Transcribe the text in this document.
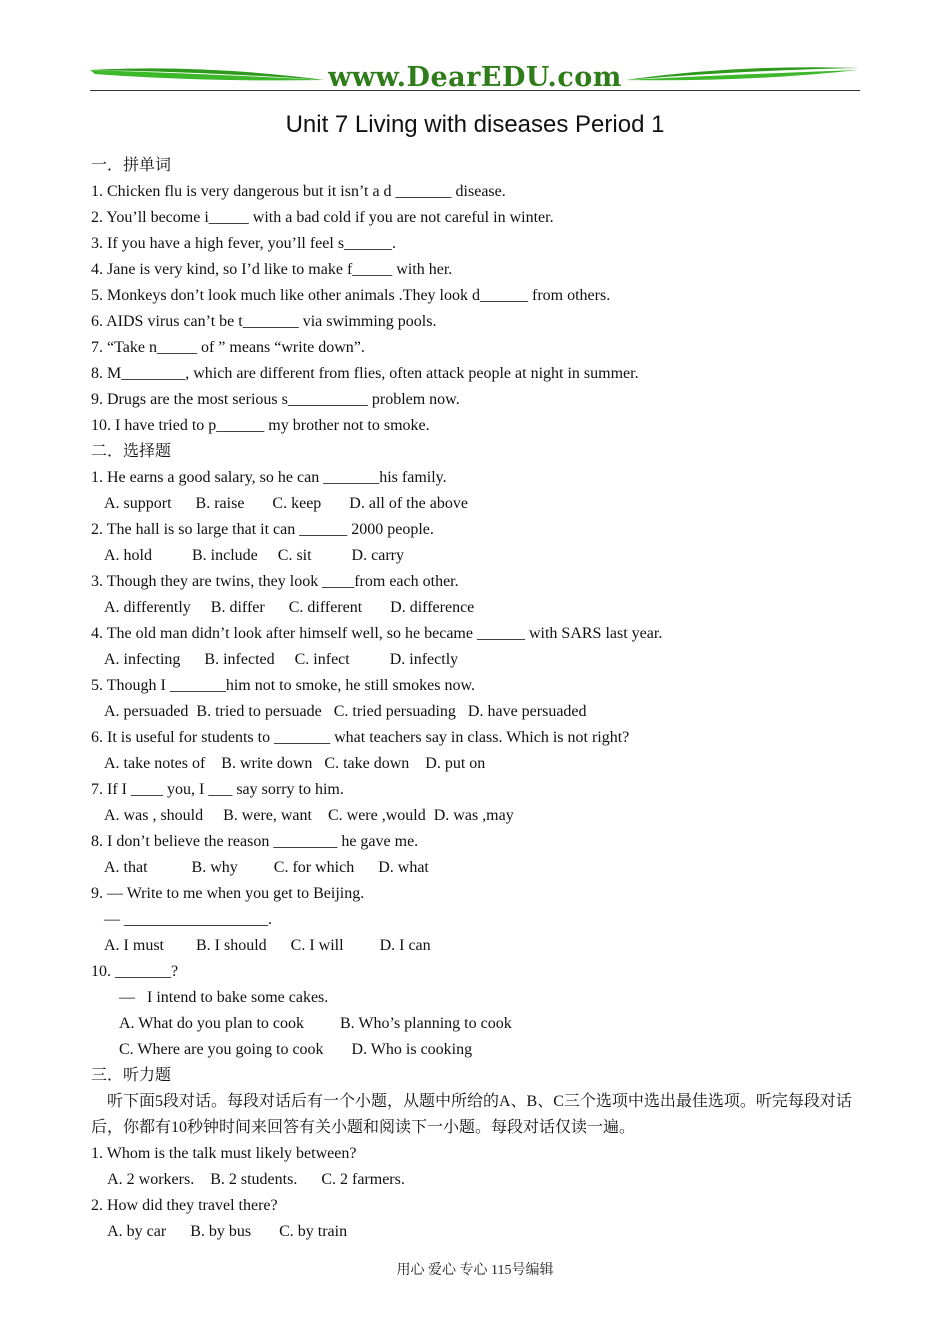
www.DearEDU.com
Unit 7 Living with diseases Period 1
一．拼单词
1. Chicken flu is very dangerous but it isn’t a d _______ disease.
2. You’ll become i_____ with a bad cold if you are not careful in winter.
3. If you have a high fever, you’ll feel s______.
4. Jane is very kind, so I’d like to make f_____ with her.
5. Monkeys don’t look much like other animals .They look d______ from others.
6. AIDS virus can’t be t_______ via swimming pools.
7. “Take n_____ of ” means “write down”.
8. M________, which are different from flies, often attack people at night in summer.
9. Drugs are the most serious s__________ problem now.
10. I have tried to p______ my brother not to smoke.
二．选择题
1. He earns a good salary, so he can _______his family.
A. support      B. raise       C. keep       D. all of the above
2. The hall is so large that it can ______ 2000 people.
A. hold          B. include     C. sit          D. carry
3. Though they are twins, they look ____from each other.
A. differently     B. differ      C. different       D. difference
4. The old man didn’t look after himself well, so he became ______ with SARS last year.
A. infecting      B. infected     C. infect          D. infectly
5. Though I _______him not to smoke, he still smokes now.
A. persuaded  B. tried to persuade   C. tried persuading   D. have persuaded
6. It is useful for students to _______ what teachers say in class. Which is not right?
A. take notes of    B. write down   C. take down    D. put on
7. If I ____ you, I ___ say sorry to him.
A. was , should     B. were, want    C. were ,would  D. was ,may
8. I don’t believe the reason ________ he gave me.
A. that           B. why         C. for which      D. what
9. — Write to me when you get to Beijing.
— __________________.
A. I must        B. I should      C. I will         D. I can
10. _______?
—   I intend to bake some cakes.
A. What do you plan to cook         B. Who’s planning to cook
C. Where are you going to cook       D. Who is cooking
三．听力题
听下面5段对话。每段对话后有一个小题，从题中所给的A、B、C三个选项中选出最佳选项。听完每段对话后，你都有10秒钟时间来回答有关小题和阅读下一小题。每段对话仅读一遍。
1. Whom is the talk must likely between?
A. 2 workers.    B. 2 students.      C. 2 farmers.
2. How did they travel there?
A. by car      B. by bus       C. by train
用心 爱心 专心 115号编辑
